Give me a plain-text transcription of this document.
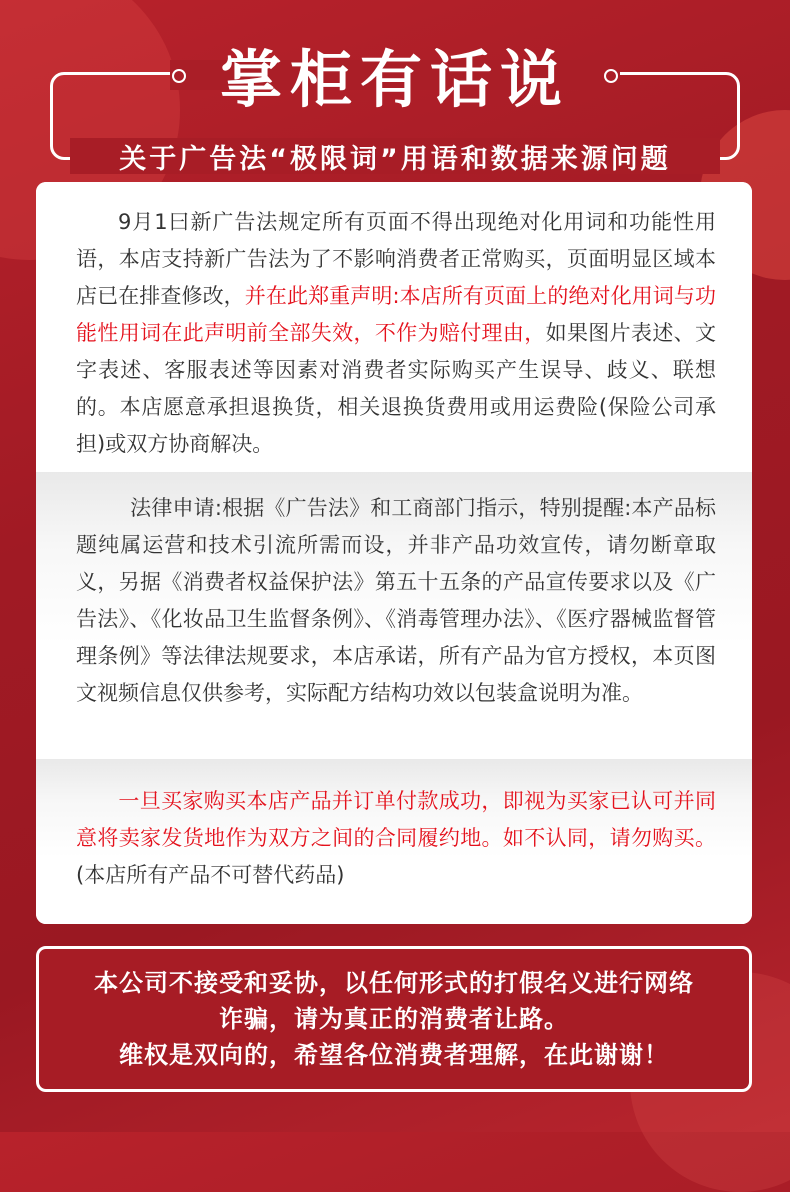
掌柜有话说
关于广告法“极限词”用语和数据来源问题
9月1曰新广告法规定所有页面不得出现绝对化用词和功能性用语，本店支持新广告法为了不影响消费者正常购买，页面明显区域本店已在排查修改，并在此郑重声明:本店所有页面上的绝对化用词与功能性用词在此声明前全部失效，不作为赔付理由，如果图片表述、文字表述、客服表述等因素对消费者实际购买产生误导、歧义、联想的。本店愿意承担退换货，相关退换货费用或用运费险(保险公司承担)或双方协商解决。
法律申请:根据《广告法》和工商部门指示，特别提醒:本产品标题纯属运营和技术引流所需而设，并非产品功效宣传，请勿断章取义，另据《消费者权益保护法》第五十五条的产品宣传要求以及《广告法》、《化妆品卫生监督条例》、《消毒管理办法》、《医疗器械监督管理条例》等法律法规要求，本店承诺，所有产品为官方授权，本页图文视频信息仅供参考，实际配方结构功效以包装盒说明为准。
一旦买家购买本店产品并订单付款成功，即视为买家已认可并同意将卖家发货地作为双方之间的合同履约地。如不认同，请勿购买。(本店所有产品不可替代药品)
本公司不接受和妥协，以任何形式的打假名义进行网络
诈骗，请为真正的消费者让路。
维权是双向的，希望各位消费者理解，在此谢谢！
